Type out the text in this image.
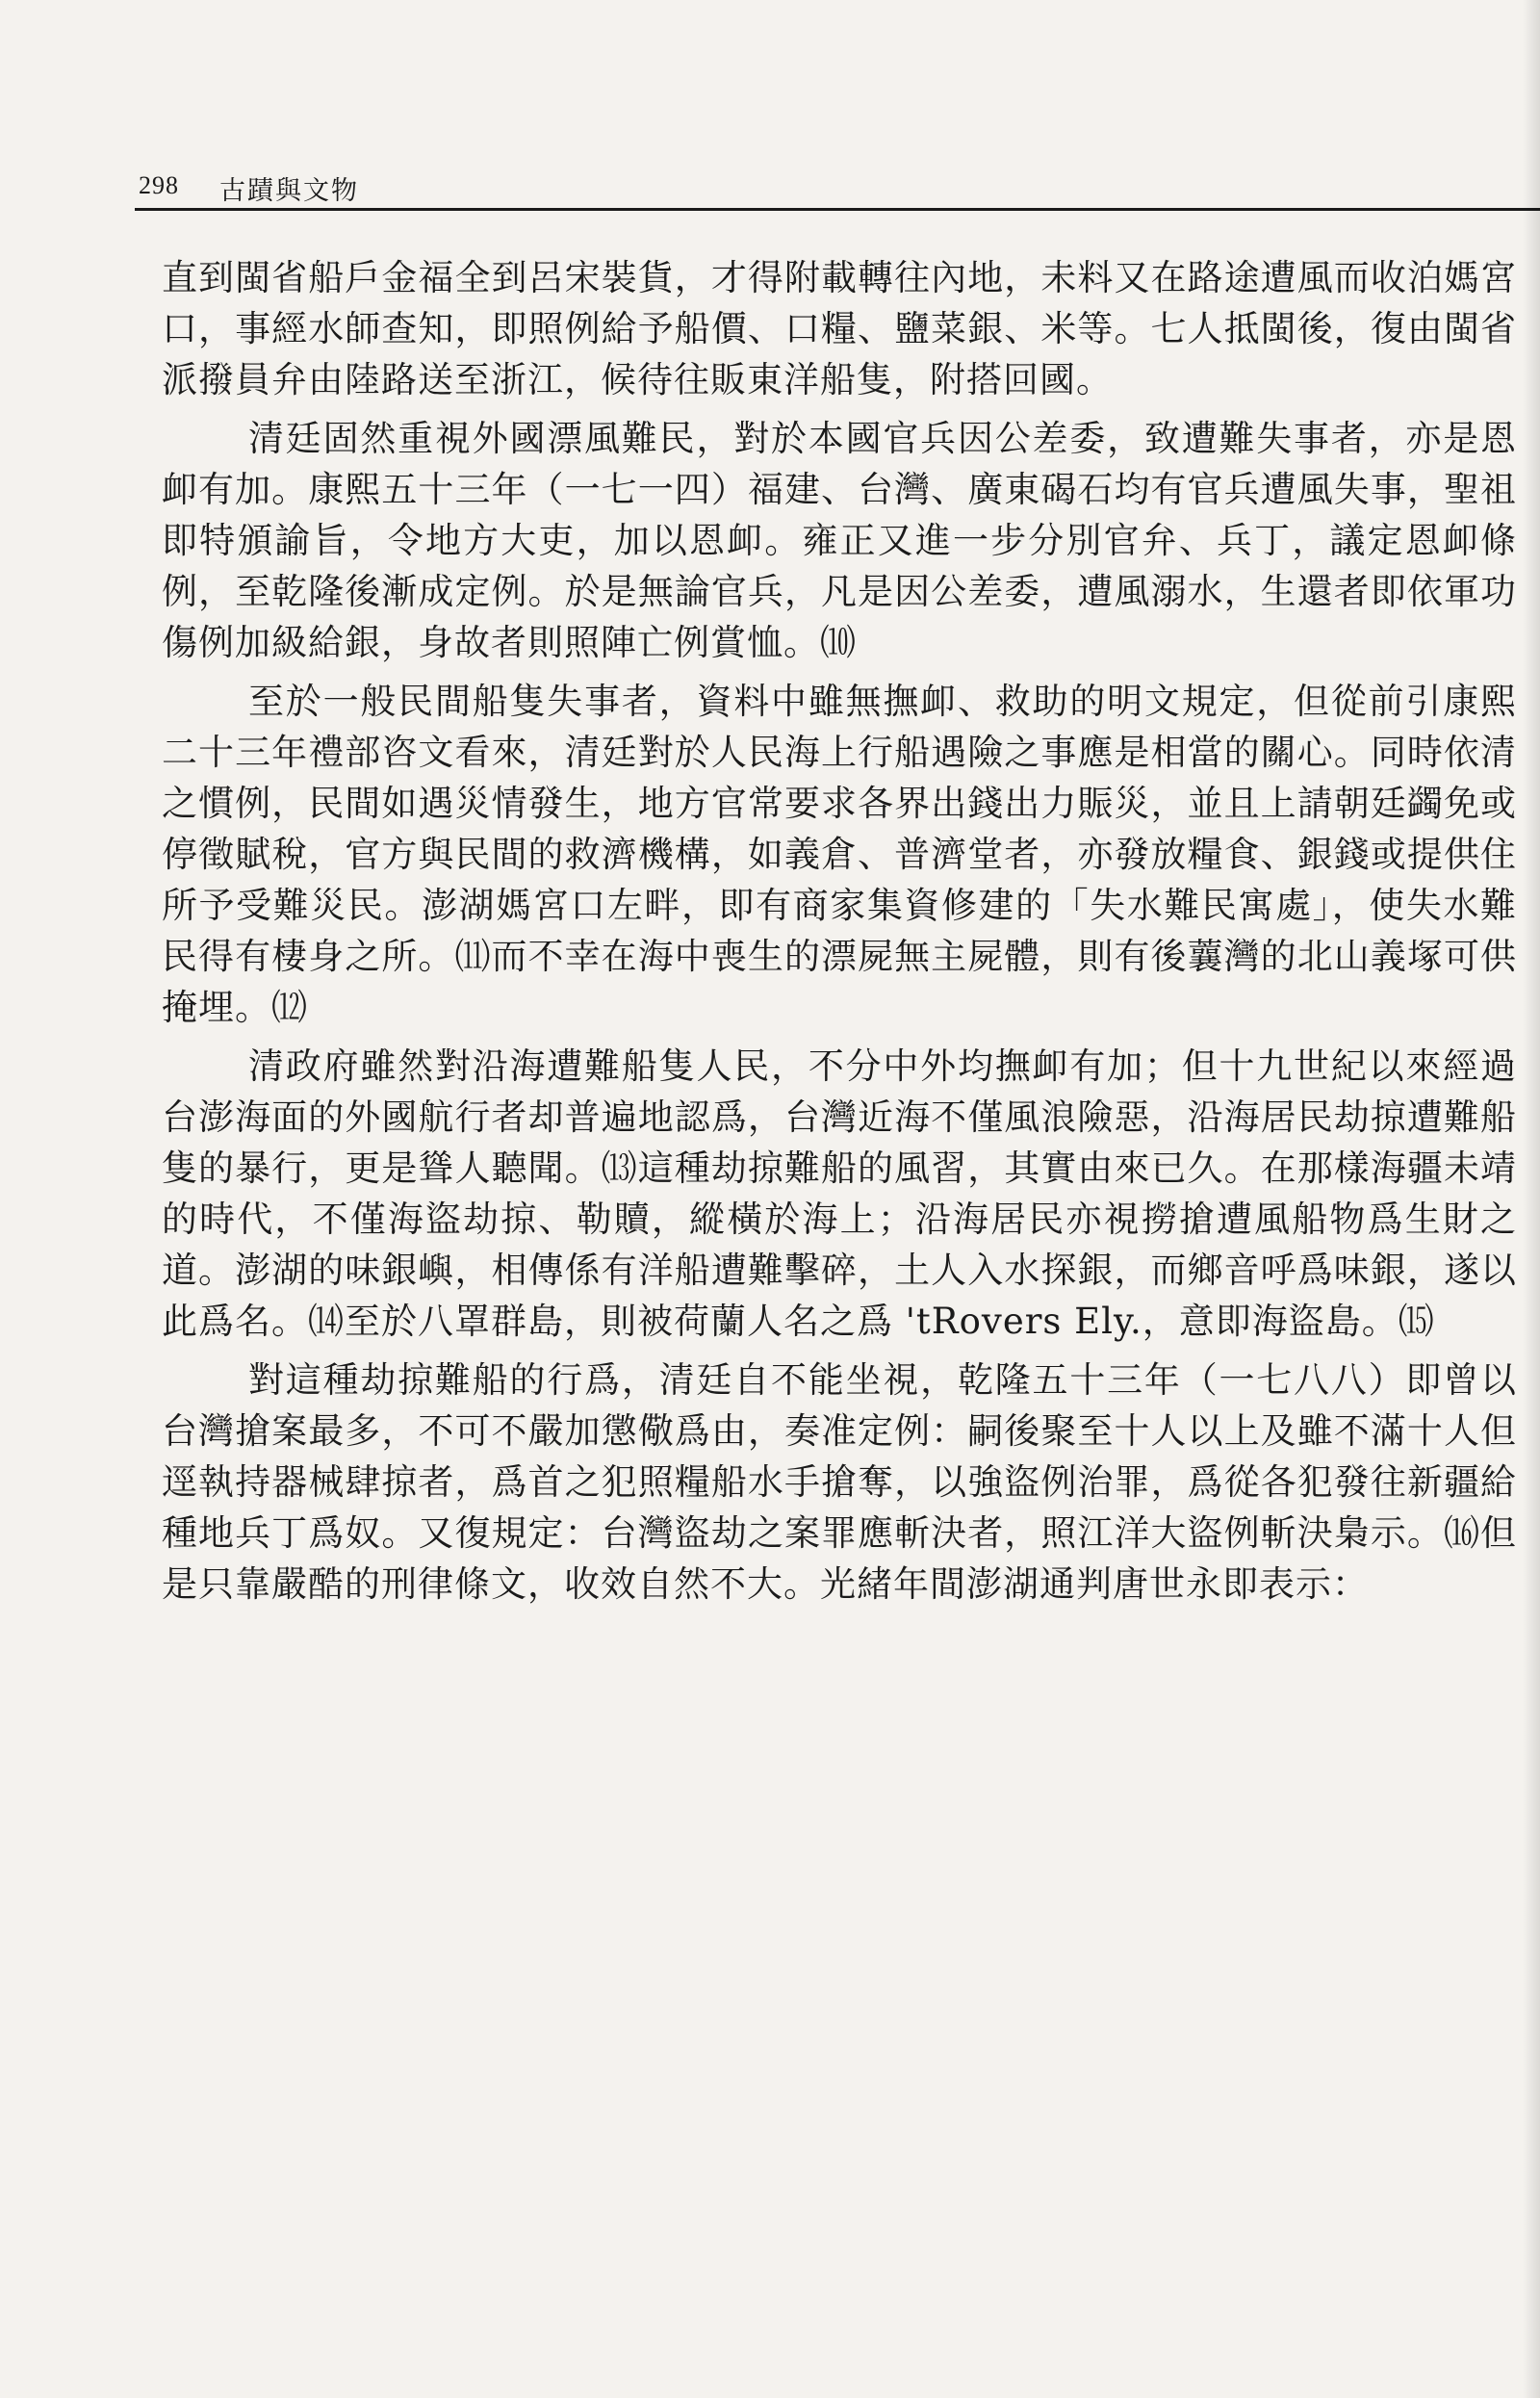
298 古蹟與文物

直到閩省船戶金福全到呂宋裝貨，才得附載轉往內地，未料又在路途遭風而收泊媽宮口，事經水師查知，即照例給予船價、口糧、鹽菜銀、米等。七人抵閩後，復由閩省派撥員弁由陸路送至浙江，候待往販東洋船隻，附搭回國。

清廷固然重視外國漂風難民，對於本國官兵因公差委，致遭難失事者，亦是恩卹有加。康熙五十三年（一七一四）福建、台灣、廣東碣石均有官兵遭風失事，聖祖即特頒諭旨，令地方大吏，加以恩卹。雍正又進一步分別官弁、兵丁，議定恩卹條例，至乾隆後漸成定例。於是無論官兵，凡是因公差委，遭風溺水，生還者即依軍功傷例加級給銀，身故者則照陣亡例賞恤。⑽

至於一般民間船隻失事者，資料中雖無撫卹、救助的明文規定，但從前引康熙二十三年禮部咨文看來，清廷對於人民海上行船遇險之事應是相當的關心。同時依清之慣例，民間如遇災情發生，地方官常要求各界出錢出力賑災，並且上請朝廷蠲免或停徵賦稅，官方與民間的救濟機構，如義倉、普濟堂者，亦發放糧食、銀錢或提供住所予受難災民。澎湖媽宮口左畔，即有商家集資修建的「失水難民寓處」，使失水難民得有棲身之所。⑾而不幸在海中喪生的漂屍無主屍體，則有後蘘灣的北山義塚可供掩埋。⑿

清政府雖然對沿海遭難船隻人民，不分中外均撫卹有加；但十九世紀以來經過台澎海面的外國航行者却普遍地認爲，台灣近海不僅風浪險惡，沿海居民劫掠遭難船隻的暴行，更是聳人聽聞。⒀這種劫掠難船的風習，其實由來已久。在那樣海疆未靖的時代，不僅海盜劫掠、勒贖，縱橫於海上；沿海居民亦視撈搶遭風船物爲生財之道。澎湖的味銀嶼，相傳係有洋船遭難擊碎，土人入水探銀，而鄉音呼爲味銀，遂以此爲名。⒁至於八罩群島，則被荷蘭人名之爲 'tRovers Ely.，意即海盜島。⒂

對這種劫掠難船的行爲，清廷自不能坐視，乾隆五十三年（一七八八）即曾以台灣搶案最多，不可不嚴加懲儆爲由，奏准定例：嗣後聚至十人以上及雖不滿十人但逕執持器械肆掠者，爲首之犯照糧船水手搶奪，以強盜例治罪，爲從各犯發往新疆給種地兵丁爲奴。又復規定：台灣盜劫之案罪應斬決者，照江洋大盜例斬決梟示。⒃但是只靠嚴酷的刑律條文，收效自然不大。光緒年間澎湖通判唐世永即表示：
